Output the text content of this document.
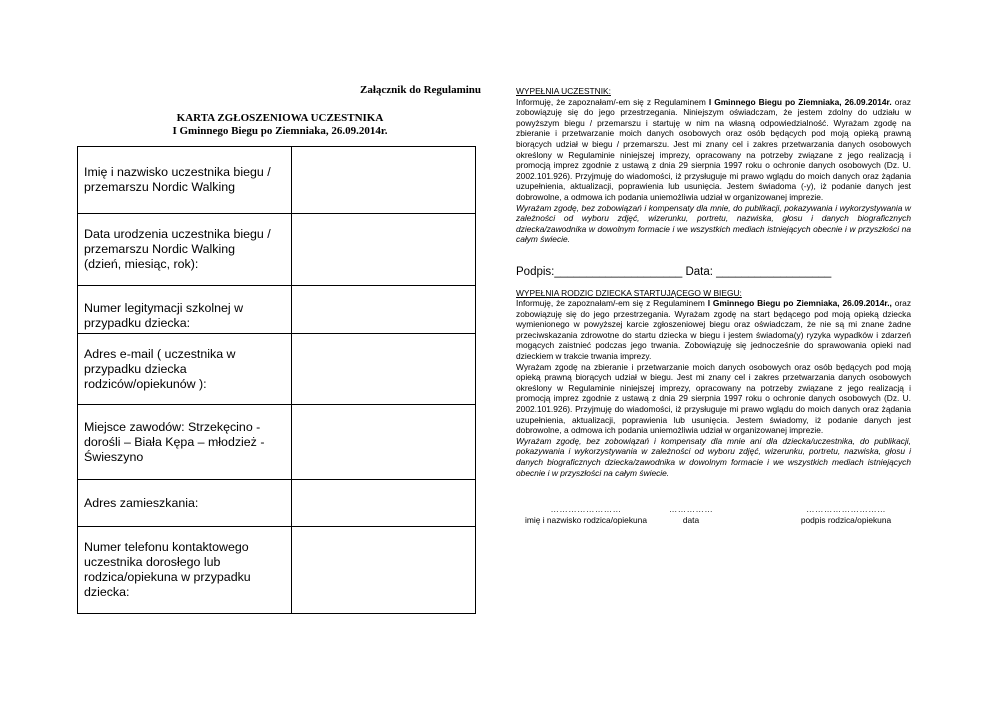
Załącznik do Regulaminu
KARTA ZGŁOSZENIOWA UCZESTNIKA
I Gminnego Biegu po Ziemniaka, 26.09.2014r.
Imię i nazwisko uczestnika biegu / przemarszu Nordic Walking	
Data urodzenia uczestnika biegu / przemarszu Nordic Walking
(dzień, miesiąc, rok):	
Numer legitymacji szkolnej w przypadku dziecka:	
Adres e-mail ( uczestnika w przypadku dziecka rodziców/opiekunów ):	
Miejsce zawodów: Strzekęcino - dorośli – Biała Kępa – młodzież - Świeszyno	
Adres zamieszkania:	
Numer telefonu kontaktowego uczestnika dorosłego lub rodzica/opiekuna w przypadku dziecka:	
WYPEŁNIA UCZESTNIK:
Informuję, że zapoznałam/-em się z Regulaminem I Gminnego Biegu po Ziemniaka, 26.09.2014r. oraz zobowiązuję się do jego przestrzegania. Niniejszym oświadczam, że jestem zdolny do udziału w powyższym biegu / przemarszu i startuję w nim na własną odpowiedzialność. Wyrażam zgodę na zbieranie i przetwarzanie moich danych osobowych oraz osób będących pod moją opieką prawną biorących udział w biegu / przemarszu. Jest mi znany cel i zakres przetwarzania danych osobowych określony w Regulaminie niniejszej imprezy, opracowany na potrzeby związane z jego realizacją i promocją imprez zgodnie z ustawą z dnia 29 sierpnia 1997 roku o ochronie danych osobowych (Dz. U. 2002.101.926). Przyjmuję do wiadomości, iż przysługuje mi prawo wglądu do moich danych oraz żądania uzupełnienia, aktualizacji, poprawienia lub usunięcia. Jestem świadoma (-y), iż podanie danych jest dobrowolne, a odmowa ich podania uniemożliwia udział w organizowanej imprezie.
Wyrażam zgodę, bez zobowiązań i kompensaty dla mnie, do publikacji, pokazywania i wykorzystywania w zależności od wyboru zdjęć, wizerunku, portretu, nazwiska, głosu i danych biograficznych dziecka/zawodnika w dowolnym formacie i we wszystkich mediach istniejących obecnie i w przyszłości na całym świecie.
Podpis:____________________ Data: __________________
WYPEŁNIA RODZIC DZIECKA STARTUJĄCEGO W BIEGU:
Informuję, że zapoznałam/-em się z Regulaminem I Gminnego Biegu po Ziemniaka, 26.09.2014r., oraz zobowiązuję się do jego przestrzegania. Wyrażam zgodę na start będącego pod moją opieką dziecka wymienionego w powyższej karcie zgłoszeniowej biegu oraz oświadczam, że nie są mi znane żadne przeciwskazania zdrowotne do startu dziecka w biegu i jestem świadoma(y) ryzyka wypadków i zdarzeń mogących zaistnieć podczas jego trwania. Zobowiązuję się jednocześnie do sprawowania opieki nad dzieckiem w trakcie trwania imprezy.
Wyrażam zgodę na zbieranie i przetwarzanie moich danych osobowych oraz osób będących pod moją opieką prawną biorących udział w biegu. Jest mi znany cel i zakres przetwarzania danych osobowych określony w Regulaminie niniejszej imprezy, opracowany na potrzeby związane z jego realizacją i promocją imprez zgodnie z ustawą z dnia 29 sierpnia 1997 roku o ochronie danych osobowych (Dz. U. 2002.101.926). Przyjmuję do wiadomości, iż przysługuje mi prawo wglądu do moich danych oraz żądania uzupełnienia, aktualizacji, poprawienia lub usunięcia. Jestem świadomy, iż podanie danych jest dobrowolne, a odmowa ich podania uniemożliwia udział w organizowanej imprezie.
Wyrażam zgodę, bez zobowiązań i kompensaty dla mnie ani dla dziecka/uczestnika, do publikacji, pokazywania i wykorzystywania w zależności od wyboru zdjęć, wizerunku, portretu, nazwiska, głosu i danych biograficznych dziecka/zawodnika w dowolnym formacie i we wszystkich mediach istniejących obecnie i w przyszłości na całym świecie.
……………………
imię i nazwisko rodzica/opiekuna
……………
data
………………………
podpis rodzica/opiekuna
